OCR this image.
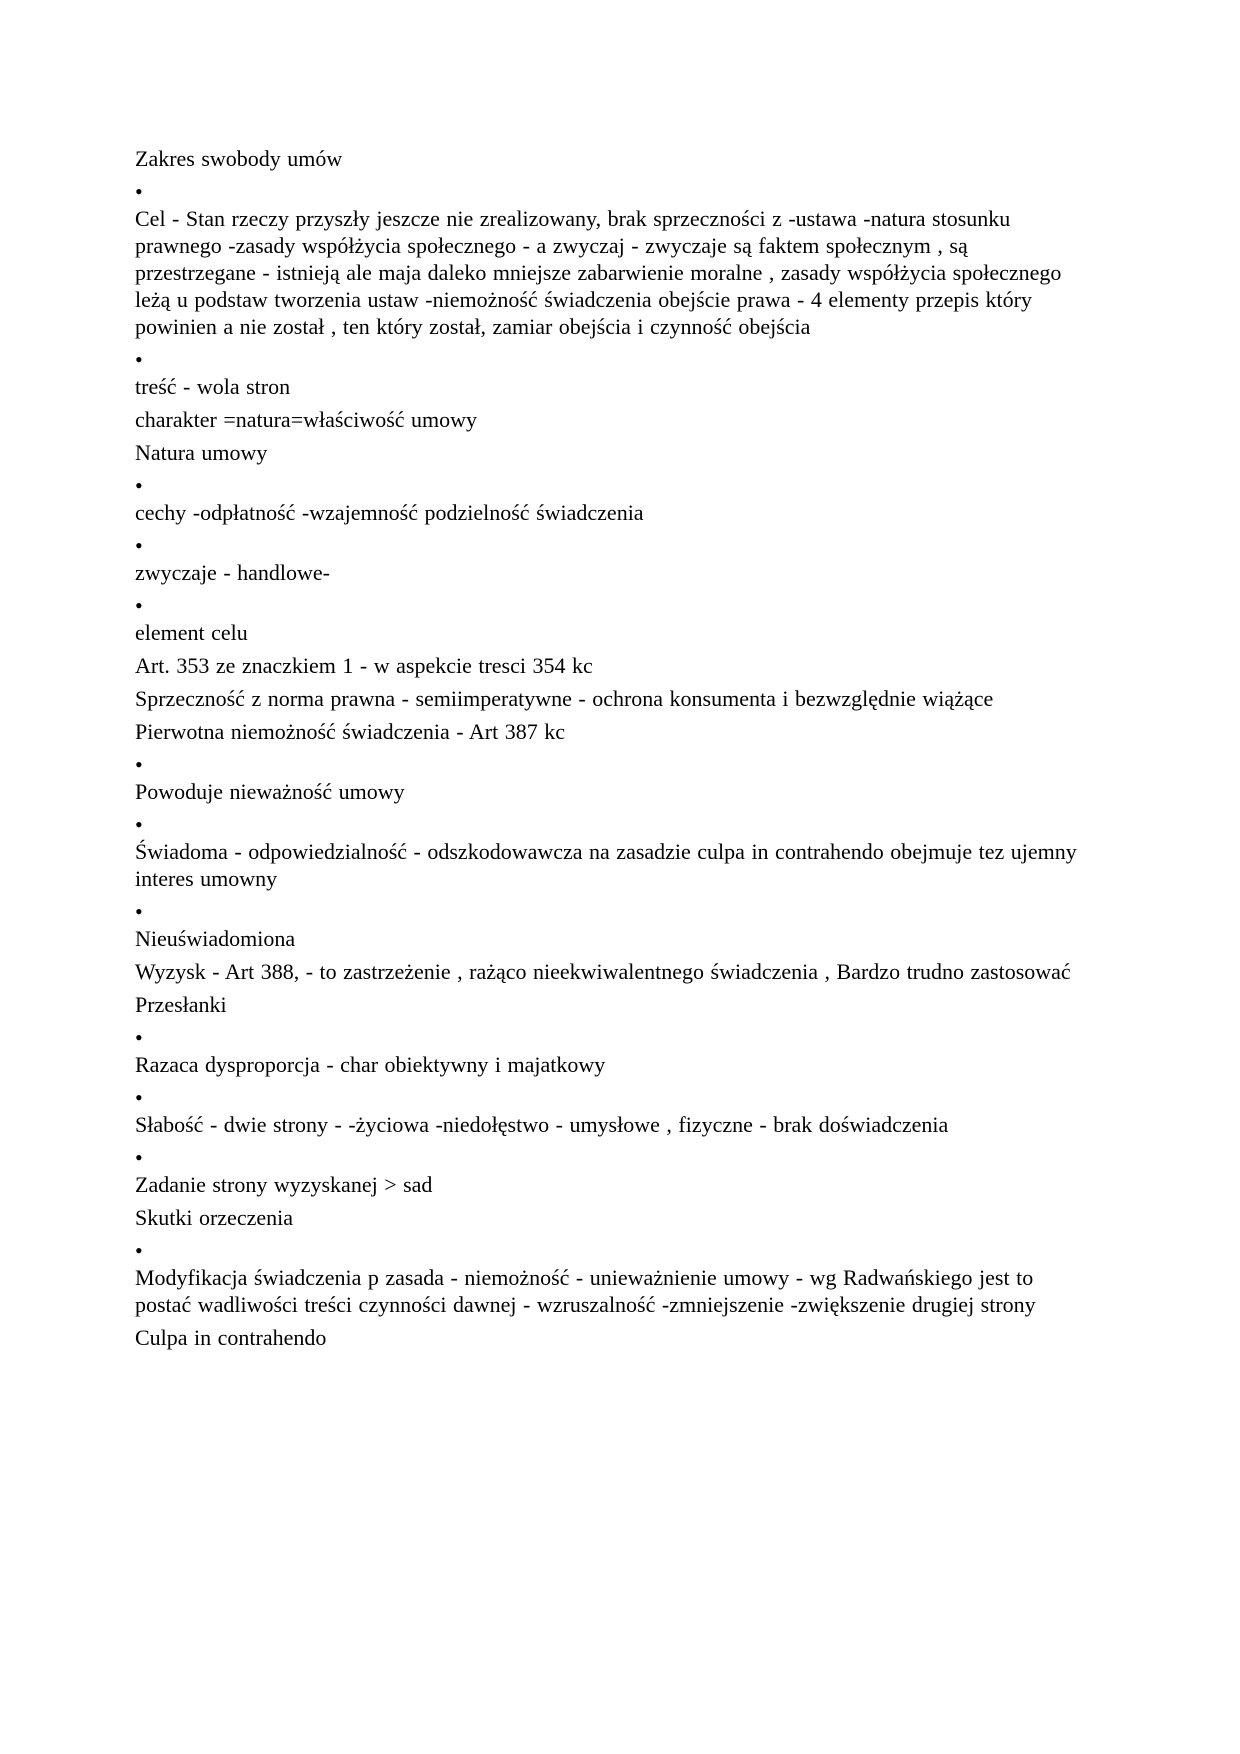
Zakres swobody umów

•

Cel - Stan rzeczy przyszły jeszcze nie zrealizowany, brak sprzeczności z -ustawa -natura stosunku prawnego -zasady współżycia społecznego - a zwyczaj - zwyczaje są faktem społecznym , są przestrzegane - istnieją ale maja daleko mniejsze zabarwienie moralne , zasady współżycia społecznego leżą u podstaw tworzenia ustaw -niemożność świadczenia obejście prawa - 4 elementy przepis który powinien a nie został , ten który został, zamiar obejścia i czynność obejścia

•

treść - wola stron

charakter =natura=właściwość umowy

Natura umowy

•

cechy -odpłatność -wzajemność podzielność świadczenia

•

zwyczaje - handlowe-

•

element celu

Art. 353 ze znaczkiem 1 - w aspekcie tresci 354 kc

Sprzeczność z norma prawna - semiimperatywne - ochrona konsumenta i bezwzględnie wiążące

Pierwotna niemożność świadczenia - Art 387 kc

•

Powoduje nieważność umowy

•

Świadoma - odpowiedzialność - odszkodowawcza na zasadzie culpa in contrahendo obejmuje tez ujemny interes umowny

•

Nieuświadomiona

Wyzysk - Art 388, - to zastrzeżenie , rażąco nieekwiwalentnego świadczenia , Bardzo trudno zastosować

Przesłanki

•

Razaca dysproporcja - char obiektywny i majatkowy

•

Słabość - dwie strony - -życiowa -niedołęstwo - umysłowe , fizyczne - brak doświadczenia

•

Zadanie strony wyzyskanej > sad

Skutki orzeczenia

•

Modyfikacja świadczenia p zasada - niemożność - unieważnienie umowy - wg Radwańskiego jest to postać wadliwości treści czynności dawnej - wzruszalność -zmniejszenie -zwiększenie drugiej strony

Culpa in contrahendo
